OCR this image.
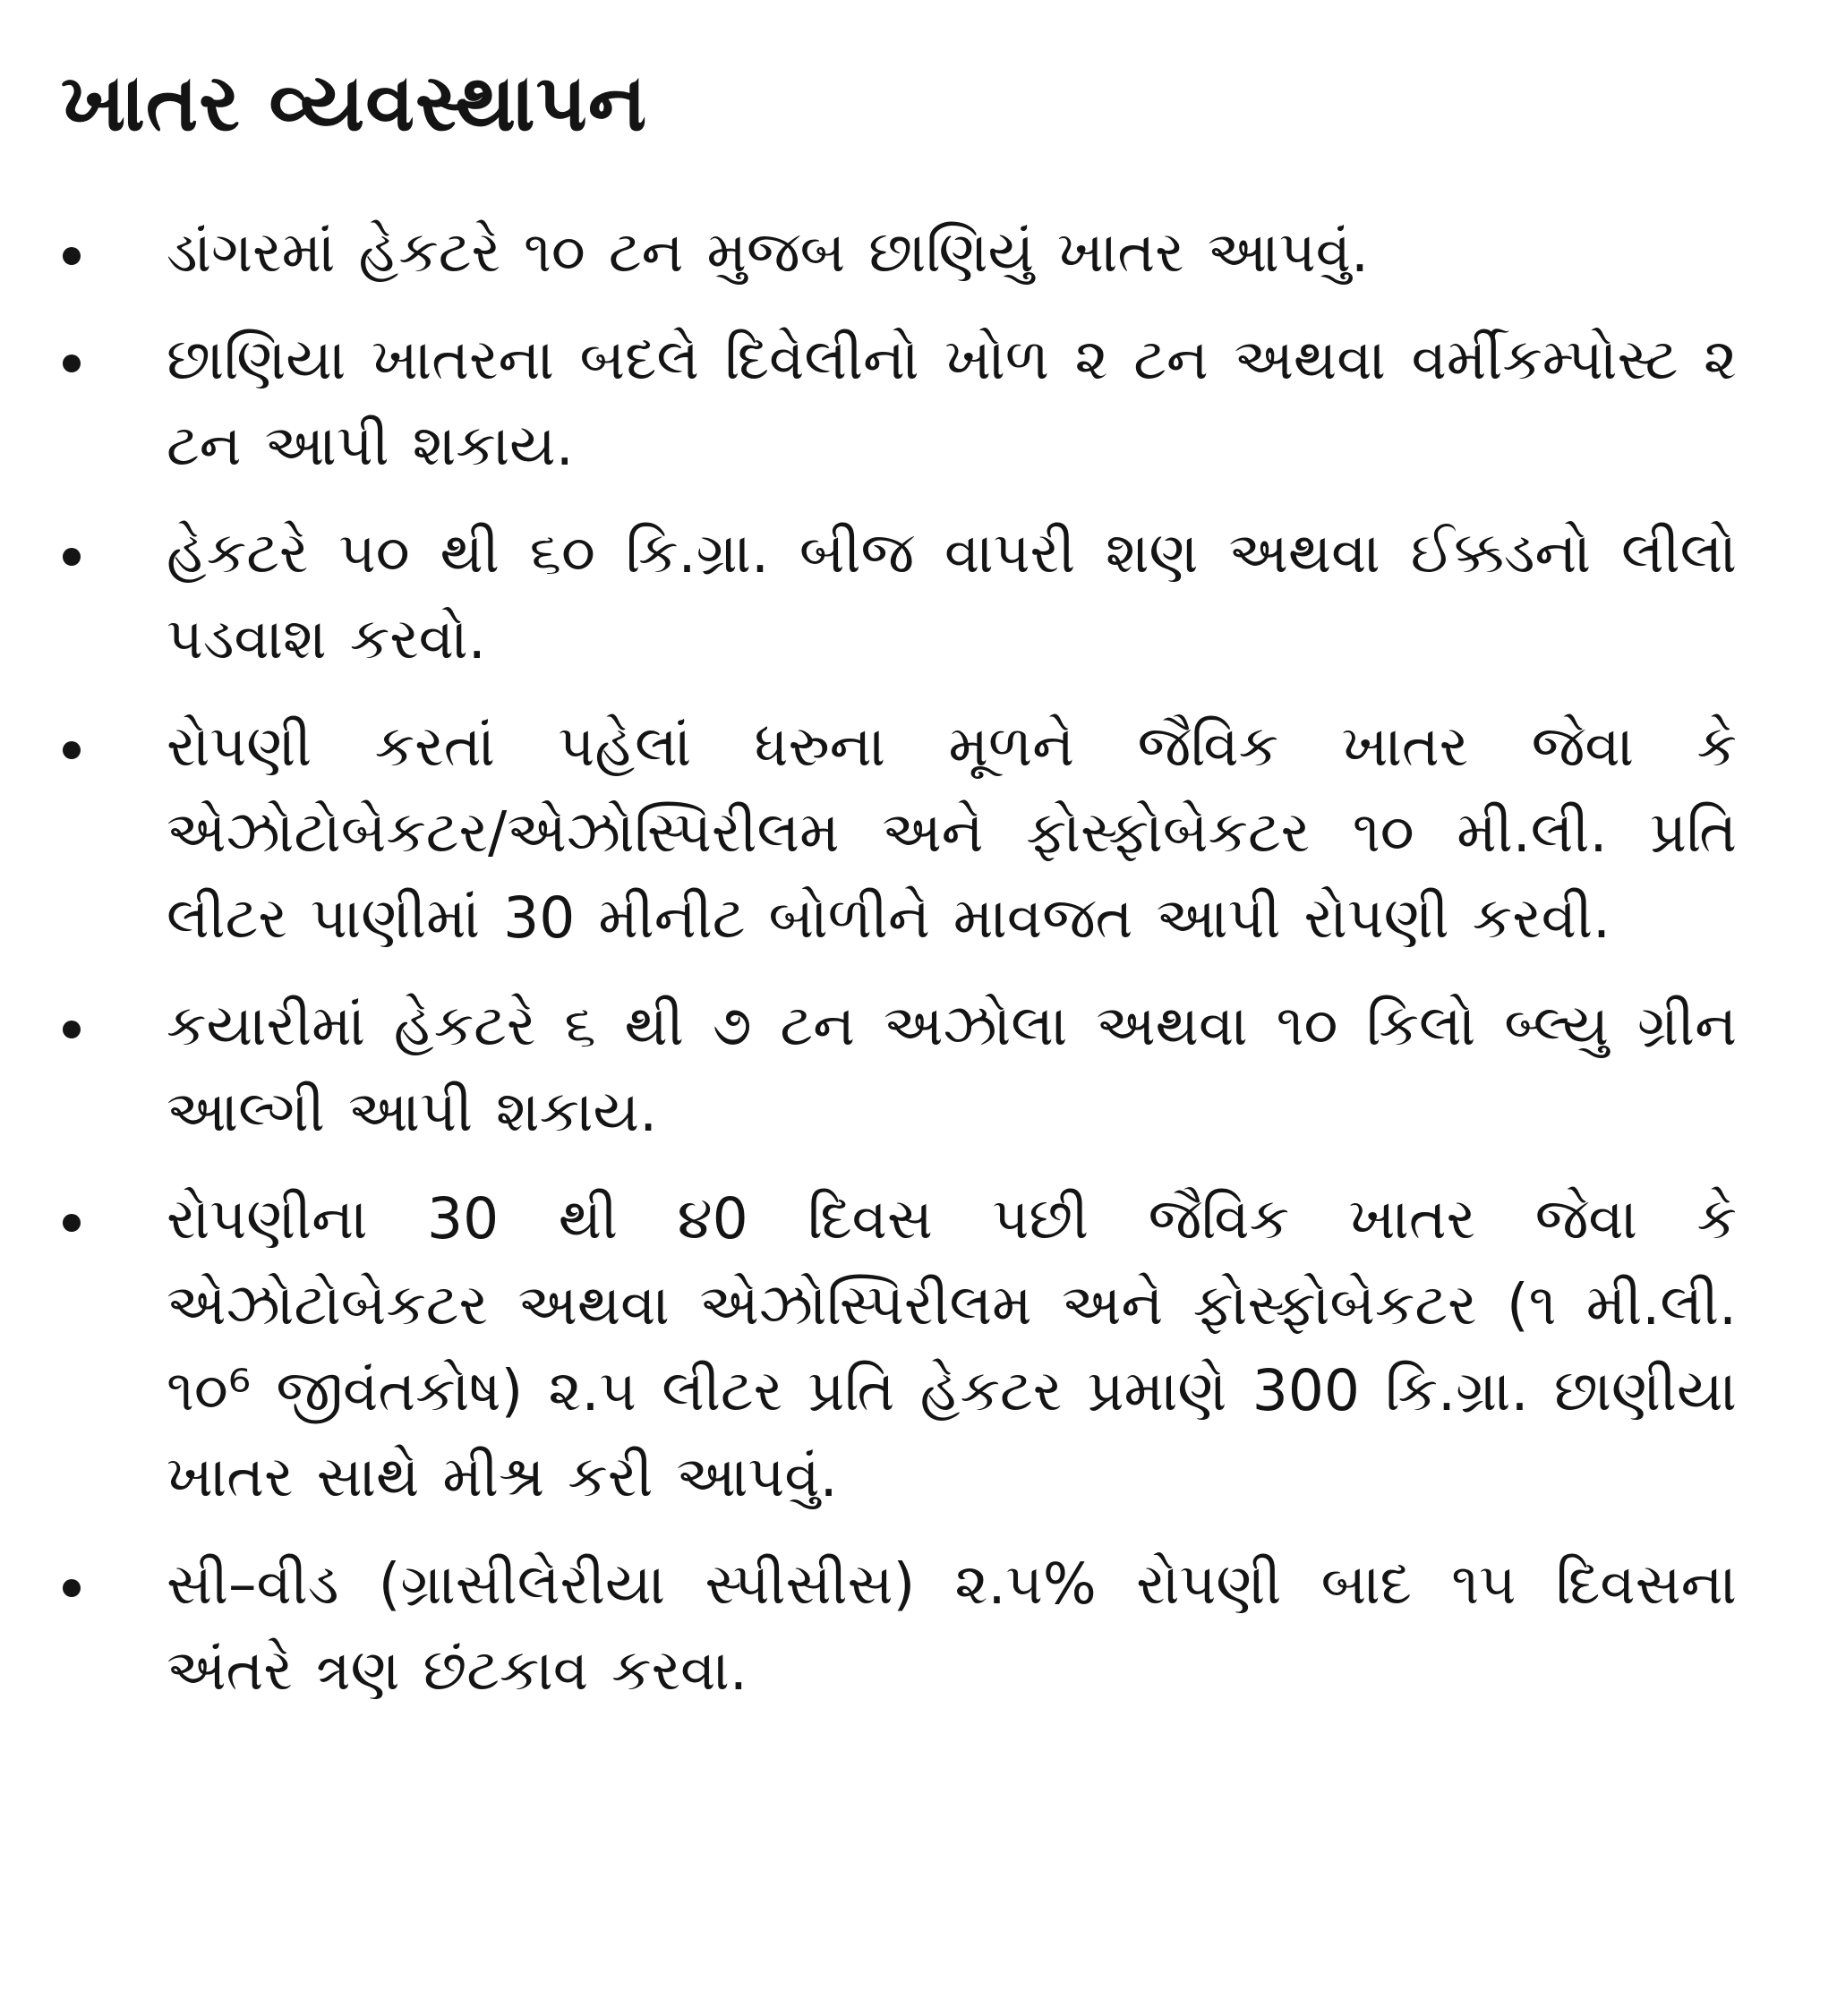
ખાતર વ્યવસ્થાપન
ડાંગરમાં હેકટરે ૧૦ ટન મુજબ છાણિયું ખાતર આપવું.
છાણિયા ખાતરના બદલે દિવેલીનો ખોળ ૨ ટન અથવા વર્મીકમ્પોસ્ટ ૨ ટન આપી શકાય.
હેકટરે ૫૦ થી ૬૦ કિ.ગ્રા. બીજ વાપરી શણ અથવા ઈક્કડનો લીલો પડવાશ કરવો.
રોપણી કરતાં પહેલાં ધરુના મૂળને જૈવિક ખાતર જેવા કે એઝોટોબેકટર/એઝોસ્પિરીલમ અને ફોસ્ફોબેકટર ૧૦ મી.લી. પ્રતિ લીટર પાણીમાં 30 મીનીટ બોળીને માવજત આપી રોપણી કરવી.
કયારીમાં હેકટરે ૬ થી ૭ ટન અઝોલા અથવા ૧૦ કિલો બ્લ્યુ ગ્રીન આલ્ગી આપી શકાય.
રોપણીના 30 થી ૪0 દિવસ પછી જૈવિક ખાતર જેવા કે એઝોટોબેકટર અથવા એઝોસ્પિરીલમ અને ફોસ્ફોબેકટર (૧ મી.લી. ૧૦⁶ જીવંતકોષ) ૨.૫ લીટર પ્રતિ હેકટર પ્રમાણે 300 કિ.ગ્રા. છાણીયા ખાતર સાથે મીશ્ર કરી આપવું.
સી–વીડ (ગ્રાસીલેરીયા સ્પીસીસ) ૨.૫% રોપણી બાદ ૧૫ દિવસના અંતરે ત્રણ છંટકાવ કરવા.
